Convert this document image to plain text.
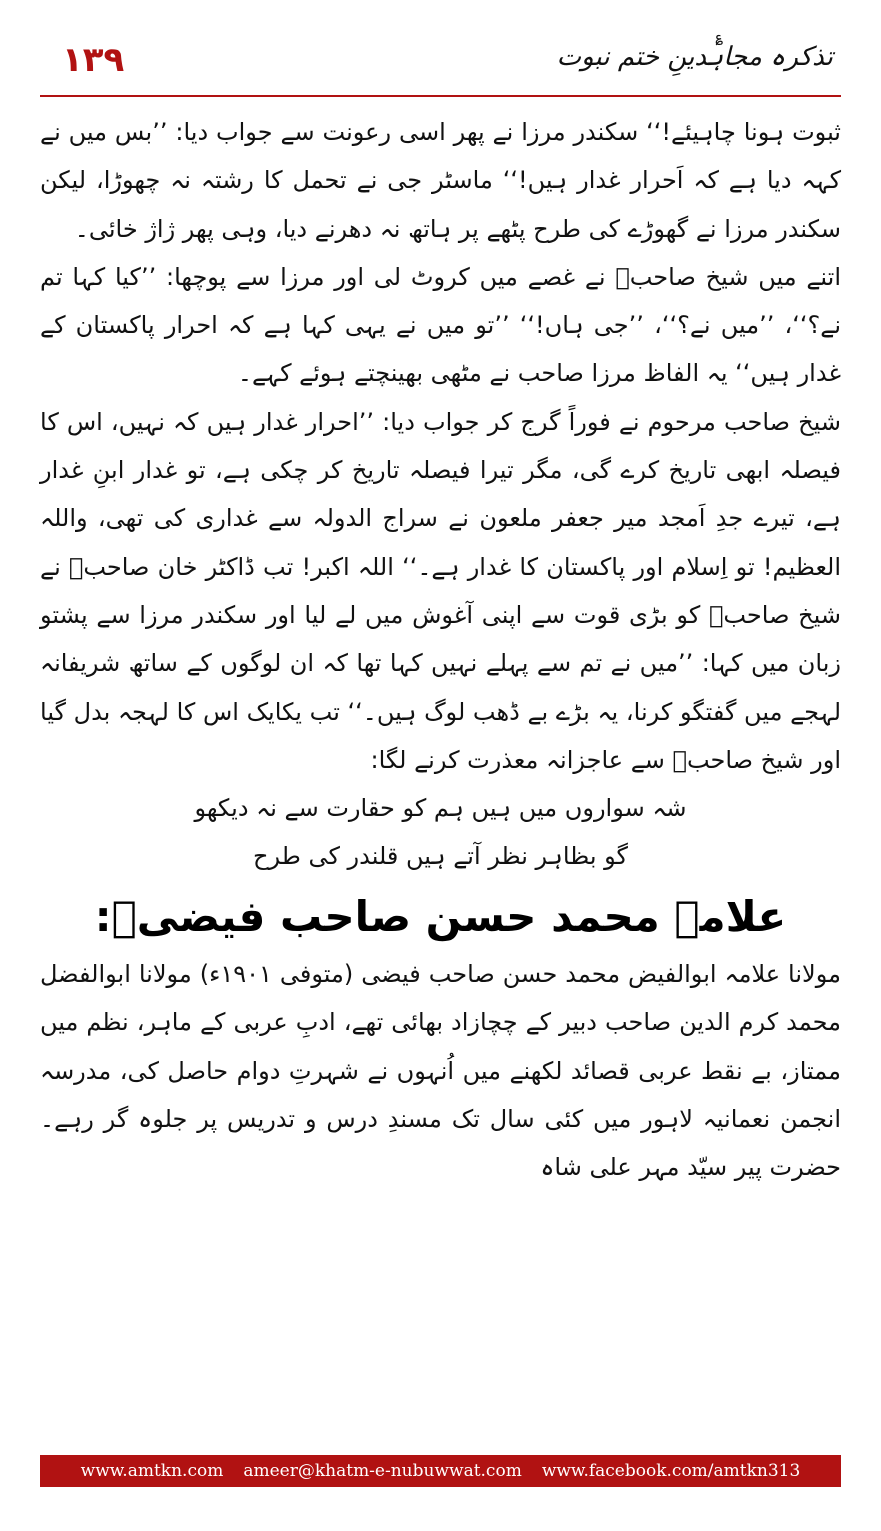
۱۳۹
؏
تذکرہ مجاہدینِ ختم نبوت

ثبوت ہونا چاہیئے!‘‘ سکندر مرزا نے پھر اسی رعونت سے جواب دیا: ’’بس میں نے کہہ دیا ہے کہ اَحرار غدار ہیں!‘‘ ماسٹر جی نے تحمل کا رشتہ نہ چھوڑا، لیکن سکندر مرزا نے گھوڑے کی طرح پٹھے پر ہاتھ نہ دھرنے دیا، وہی پھر ژاژ خائی۔

اتنے میں شیخ صاحبؒ نے غصے میں کروٹ لی اور مرزا سے پوچھا: ’’کیا کہا تم نے؟‘‘، ’’میں نے؟‘‘، ’’جی ہاں!‘‘ ’’تو میں نے یہی کہا ہے کہ احرار پاکستان کے غدار ہیں‘‘ یہ الفاظ مرزا صاحب نے مٹھی بھینچتے ہوئے کہے۔

شیخ صاحب مرحوم نے فوراً گرج کر جواب دیا: ’’احرار غدار ہیں کہ نہیں، اس کا فیصلہ ابھی تاریخ کرے گی، مگر تیرا فیصلہ تاریخ کر چکی ہے، تو غدار ابنِ غدار ہے، تیرے جدِ اَمجد میر جعفر ملعون نے سراج الدولہ سے غداری کی تھی، واللہ العظیم! تو اِسلام اور پاکستان کا غدار ہے۔‘‘ اللہ اکبر! تب ڈاکٹر خان صاحبؒ نے شیخ صاحبؒ کو بڑی قوت سے اپنی آغوش میں لے لیا اور سکندر مرزا سے پشتو زبان میں کہا: ’’میں نے تم سے پہلے نہیں کہا تھا کہ ان لوگوں کے ساتھ شریفانہ لہجے میں گفتگو کرنا، یہ بڑے بے ڈھب لوگ ہیں۔‘‘ تب یکایک اس کا لہجہ بدل گیا اور شیخ صاحبؒ سے عاجزانہ معذرت کرنے لگا:

شہ سواروں میں ہیں ہم کو حقارت سے نہ دیکھو
گو بظاہر نظر آتے ہیں قلندر کی طرح
علامہ محمد حسن صاحب فیضیؒ:

مولانا علامہ ابوالفیض محمد حسن صاحب فیضی (متوفی ۱۹۰۱ء) مولانا ابوالفضل محمد کرم الدین صاحب دبیر کے چچازاد بھائی تھے، ادبِ عربی کے ماہر، نظم میں ممتاز، بے نقط عربی قصائد لکھنے میں اُنہوں نے شہرتِ دوام حاصل کی، مدرسہ انجمن نعمانیہ لاہور میں کئی سال تک مسندِ درس و تدریس پر جلوہ گر رہے۔ حضرت پیر سیّد مہر علی شاہ

www.amtkn.com ameer@khatm-e-nubuwwat.com www.facebook.com/amtkn313
